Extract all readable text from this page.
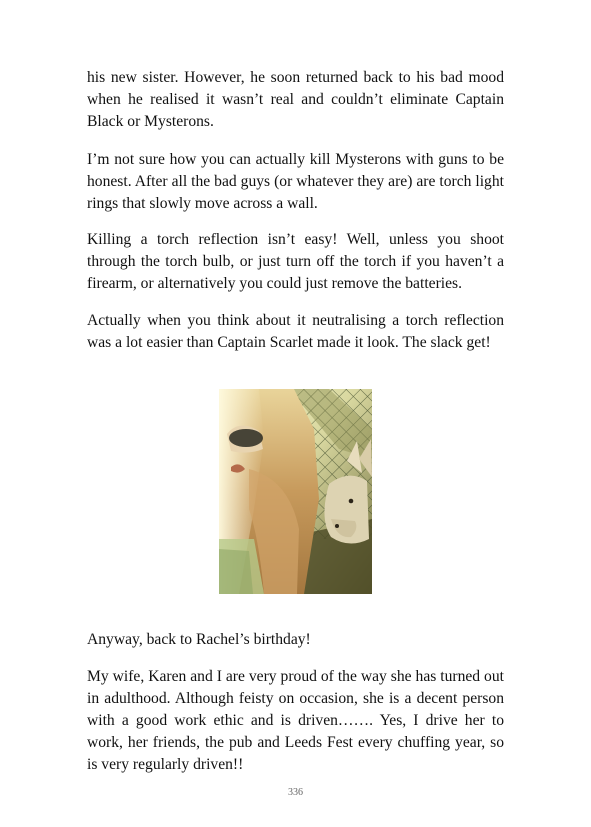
his new sister. However, he soon returned back to his bad mood when he realised it wasn’t real and couldn’t eliminate Captain Black or Mysterons.

I’m not sure how you can actually kill Mysterons with guns to be honest. After all the bad guys (or whatever they are) are torch light rings that slowly move across a wall.

Killing a torch reflection isn’t easy! Well, unless you shoot through the torch bulb, or just turn off the torch if you haven’t a firearm, or alternatively you could just remove the batteries.

Actually when you think about it neutralising a torch reflection was a lot easier than Captain Scarlet made it look. The slack get!

Anyway, back to Rachel’s birthday!

My wife, Karen and I are very proud of the way she has turned out in adulthood. Although feisty on occasion, she is a decent person with a good work ethic and is driven……. Yes, I drive her to work, her friends, the pub and Leeds Fest every chuffing year, so is very regularly driven!!

336
